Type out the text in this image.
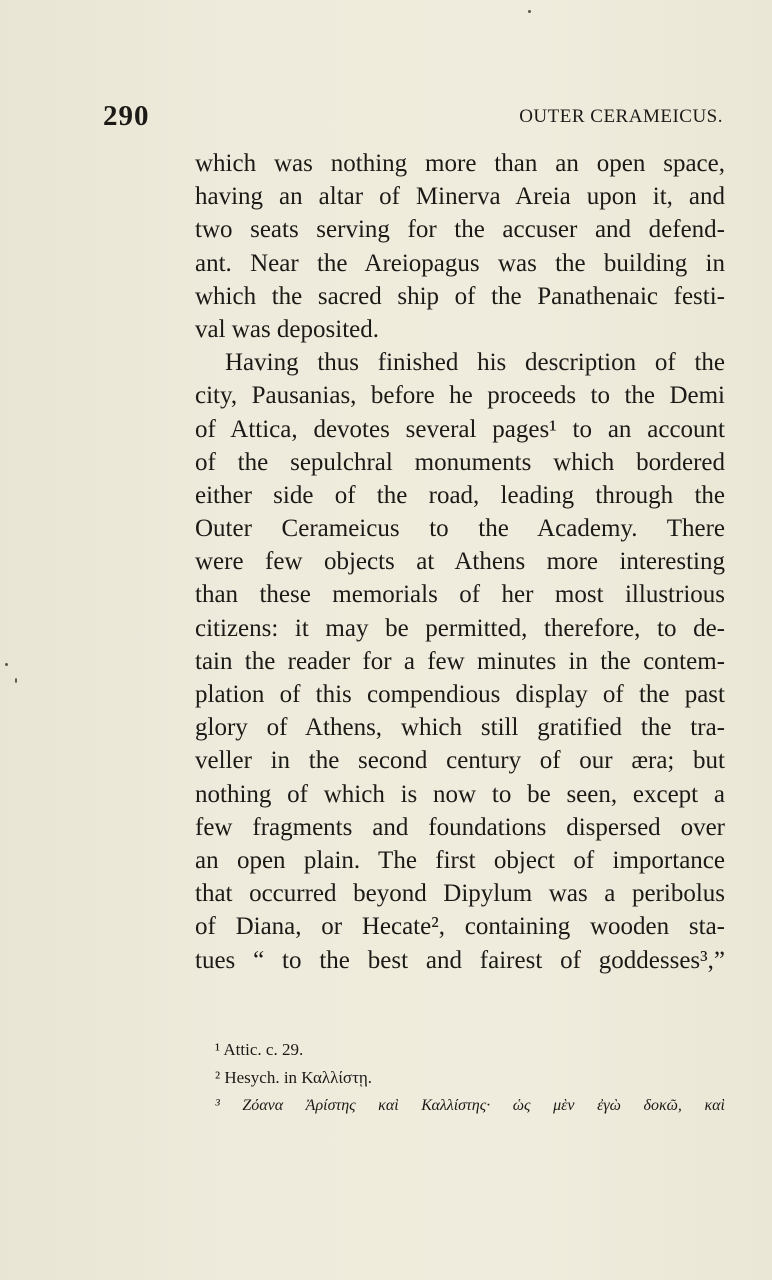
290	OUTER CERAMEICUS.
which was nothing more than an open space,
having an altar of Minerva Areia upon it, and
two seats serving for the accuser and defend-
ant. Near the Areiopagus was the building in
which the sacred ship of the Panathenaic festi-
val was deposited.
Having thus finished his description of the
city, Pausanias, before he proceeds to the Demi
of Attica, devotes several pages¹ to an account
of the sepulchral monuments which bordered
either side of the road, leading through the
Outer Cerameicus to the Academy. There
were few objects at Athens more interesting
than these memorials of her most illustrious
citizens: it may be permitted, therefore, to de-
tain the reader for a few minutes in the contem-
plation of this compendious display of the past
glory of Athens, which still gratified the tra-
veller in the second century of our æra; but
nothing of which is now to be seen, except a
few fragments and foundations dispersed over
an open plain. The first object of importance
that occurred beyond Dipylum was a peribolus
of Diana, or Hecate², containing wooden sta-
tues “ to the best and fairest of goddesses³,”
¹ Attic. c. 29.
² Hesych. in Καλλίστῃ.
³ Ζόανα Ἀρίστης καὶ Καλλίστης· ὡς μὲν ἐγὼ δοκῶ, καὶ
